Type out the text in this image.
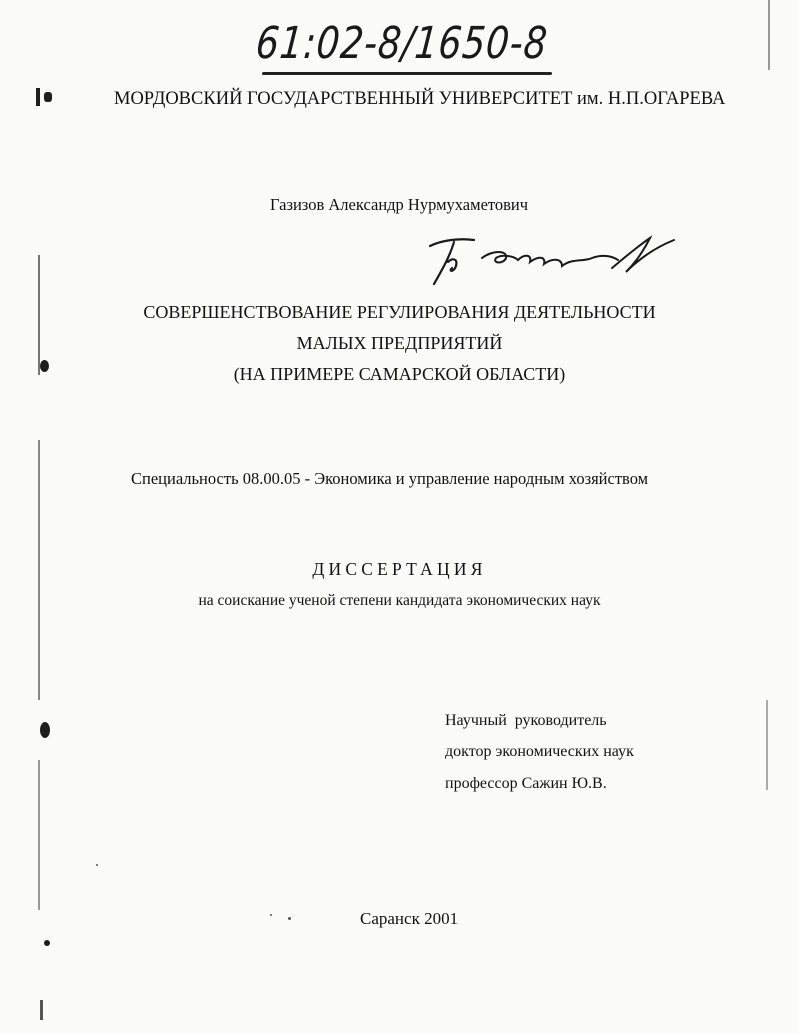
61:02-8/1650-8

МОРДОВСКИЙ ГОСУДАРСТВЕННЫЙ УНИВЕРСИТЕТ им. Н.П.ОГАРЕВА

Газизов Александр Нурмухаметович

СОВЕРШЕНСТВОВАНИЕ РЕГУЛИРОВАНИЯ ДЕЯТЕЛЬНОСТИ

МАЛЫХ ПРЕДПРИЯТИЙ

(НА ПРИМЕРЕ САМАРСКОЙ ОБЛАСТИ)

Специальность 08.00.05 - Экономика и управление народным хозяйством

ДИССЕРТАЦИЯ

на соискание ученой степени кандидата экономических наук

Научный  руководитель

доктор экономических наук

профессор Сажин Ю.В.

Саранск 2001
